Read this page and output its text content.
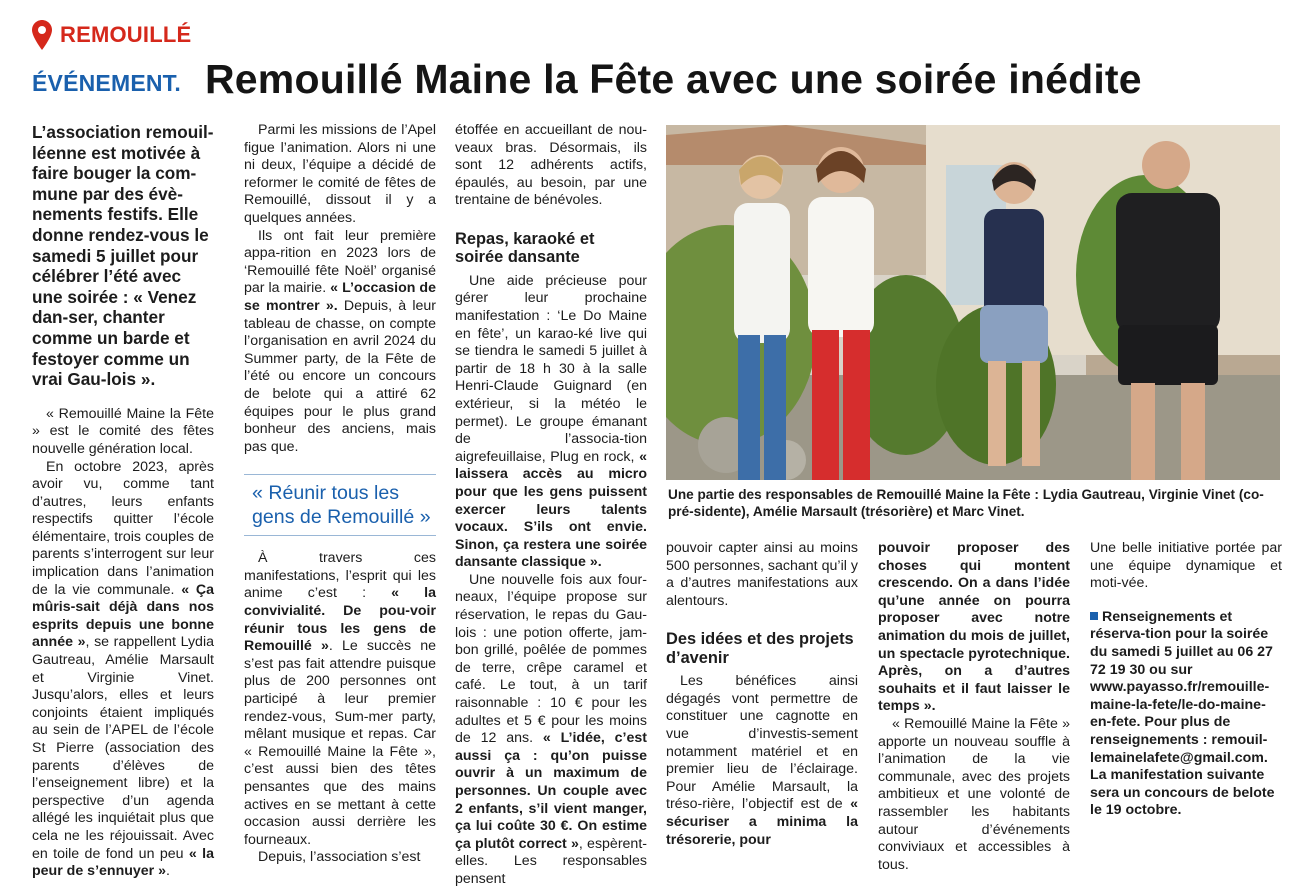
REMOUILLÉ
ÉVÉNEMENT. Remouillé Maine la Fête avec une soirée inédite

L’association remouil-léenne est motivée à faire bouger la com-mune par des évè-nements festifs. Elle donne rendez-vous le samedi 5 juillet pour célébrer l’été avec une soirée : « Venez dan-ser, chanter comme un barde et festoyer comme un vrai Gau-lois ».

« Remouillé Maine la Fête » est le comité des fêtes nouvelle génération local.

En octobre 2023, après avoir vu, comme tant d’autres, leurs enfants respectifs quitter l’école élémentaire, trois couples de parents s’interrogent sur leur implication dans l’animation de la vie communale. « Ça mûris-sait déjà dans nos esprits depuis une bonne année », se rappellent Lydia Gautreau, Amélie Marsault et Virginie Vinet. Jusqu’alors, elles et leurs conjoints étaient impliqués au sein de l’APEL de l’école St Pierre (association des parents d’élèves de l’enseignement libre) et la perspective d’un agenda allégé les inquiétait plus que cela ne les réjouissait. Avec en toile de fond un peu « la peur de s’ennuyer ».

Parmi les missions de l’Apel figue l’animation. Alors ni une ni deux, l’équipe a décidé de reformer le comité de fêtes de Remouillé, dissout il y a quelques années.

Ils ont fait leur première appa-rition en 2023 lors de ‘Remouillé fête Noël’ organisé par la mairie. « L’occasion de se montrer ». Depuis, à leur tableau de chasse, on compte l’organisation en avril 2024 du Summer party, de la Fête de l’été ou encore un concours de belote qui a attiré 62 équipes pour le plus grand bonheur des anciens, mais pas que.

« Réunir tous les gens de Remouillé »

À travers ces manifestations, l’esprit qui les anime c’est : « la convivialité. De pou-voir réunir tous les gens de Remouillé ». Le succès ne s’est pas fait attendre puisque plus de 200 personnes ont participé à leur premier rendez-vous, Sum-mer party, mêlant musique et repas. Car « Remouillé Maine la Fête », c’est aussi bien des têtes pensantes que des mains actives en se mettant à cette occasion aussi derrière les fourneaux.

Depuis, l’association s’est

étoffée en accueillant de nou-veaux bras. Désormais, ils sont 12 adhérents actifs, épaulés, au besoin, par une trentaine de bénévoles.

Repas, karaoké et soirée dansante

Une aide précieuse pour gérer leur prochaine manifestation : ‘Le Do Maine en fête’, un karao-ké live qui se tiendra le samedi 5 juillet à partir de 18 h 30 à la salle Henri-Claude Guignard (en extérieur, si la météo le permet). Le groupe émanant de l’associa-tion aigrefeuillaise, Plug en rock, « laissera accès au micro pour que les gens puissent exercer leurs talents vocaux. S’ils ont envie. Sinon, ça restera une soirée dansante classique ».

Une nouvelle fois aux four-neaux, l’équipe propose sur réservation, le repas du Gau-lois : une potion offerte, jam-bon grillé, poêlée de pommes de terre, crêpe caramel et café. Le tout, à un tarif raisonnable : 10 € pour les adultes et 5 € pour les moins de 12 ans. « L’idée, c’est aussi ça : qu’on puisse ouvrir à un maximum de personnes. Un couple avec 2 enfants, s’il vient manger, ça lui coûte 30 €. On estime ça plutôt correct », espèrent-elles. Les responsables pensent

Une partie des responsables de Remouillé Maine la Fête : Lydia Gautreau, Virginie Vinet (co-pré-sidente), Amélie Marsault (trésorière) et Marc Vinet.

pouvoir capter ainsi au moins 500 personnes, sachant qu’il y a d’autres manifestations aux alentours.

Des idées et des projets d’avenir

Les bénéfices ainsi dégagés vont permettre de constituer une cagnotte en vue d’investis-sement notamment matériel et en premier lieu de l’éclairage. Pour Amélie Marsault, la tréso-rière, l’objectif est de « sécuriser a minima la trésorerie, pour

pouvoir proposer des choses qui montent crescendo. On a dans l’idée qu’une année on pourra proposer avec notre animation du mois de juillet, un spectacle pyrotechnique. Après, on a d’autres souhaits et il faut laisser le temps ».

« Remouillé Maine la Fête » apporte un nouveau souffle à l’animation de la vie communale, avec des projets ambitieux et une volonté de rassembler les habitants autour d’événements conviviaux et accessibles à tous.

Une belle initiative portée par une équipe dynamique et moti-vée.

Renseignements et réserva-tion pour la soirée du samedi 5 juillet au 06 27 72 19 30 ou sur www.payasso.fr/remouille-maine-la-fete/le-do-maine-en-fete. Pour plus de renseignements : remouil-lemainelafete@gmail.com.

La manifestation suivante sera un concours de belote le 19 octobre.
